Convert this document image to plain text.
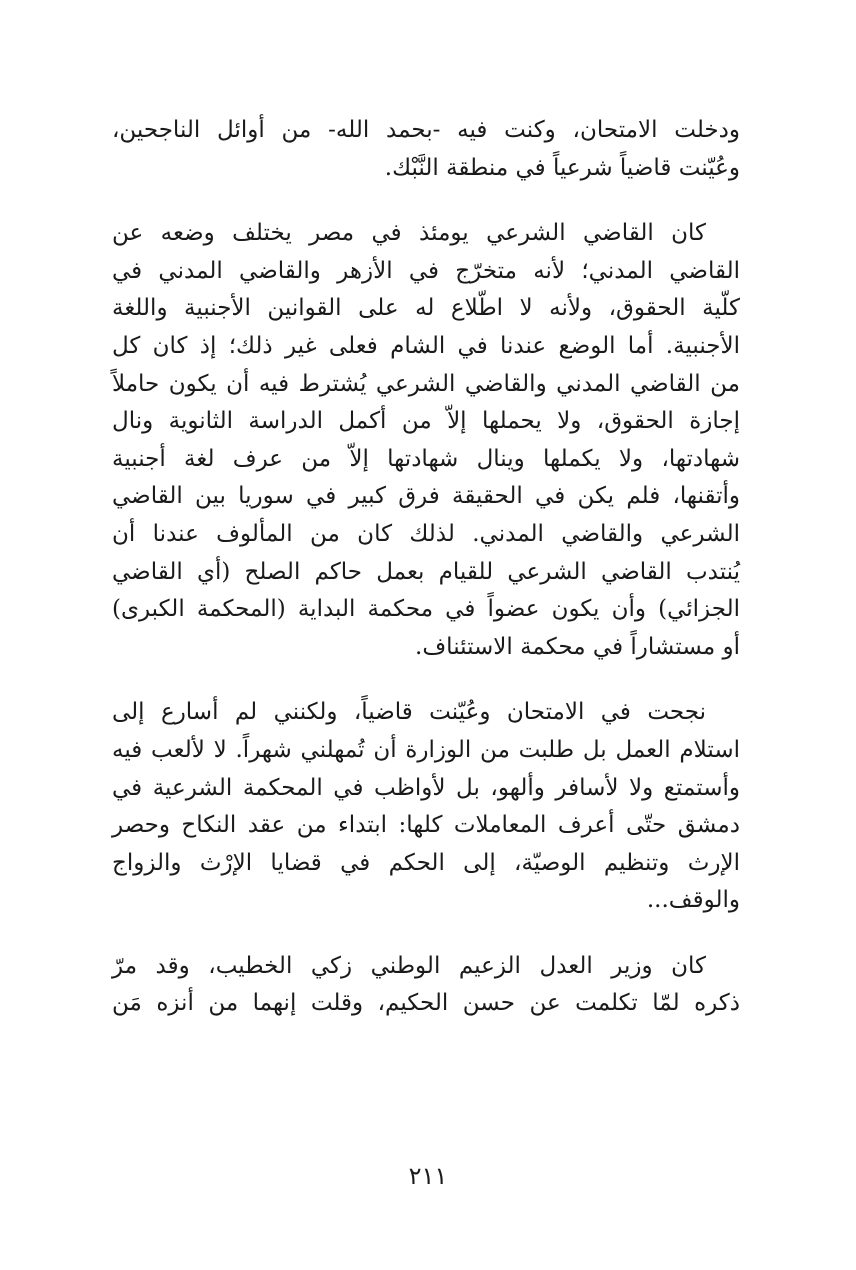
ودخلت الامتحان، وكنت فيه -بحمد الله- من أوائل الناجحين،
وعُيّنت قاضياً شرعياً في منطقة النَّبْك.
كان القاضي الشرعي يومئذ في مصر يختلف وضعه عن
القاضي المدني؛ لأنه متخرّج في الأزهر والقاضي المدني في
كلّية الحقوق، ولأنه لا اطّلاع له على القوانين الأجنبية واللغة
الأجنبية. أما الوضع عندنا في الشام فعلى غير ذلك؛ إذ كان كل
من القاضي المدني والقاضي الشرعي يُشترط فيه أن يكون حاملاً
إجازة الحقوق، ولا يحملها إلاّ من أكمل الدراسة الثانوية ونال
شهادتها، ولا يكملها وينال شهادتها إلاّ من عرف لغة أجنبية
وأتقنها، فلم يكن في الحقيقة فرق كبير في سوريا بين القاضي
الشرعي والقاضي المدني. لذلك كان من المألوف عندنا أن
يُنتدب القاضي الشرعي للقيام بعمل حاكم الصلح (أي القاضي
الجزائي) وأن يكون عضواً في محكمة البداية (المحكمة الكبرى)
أو مستشاراً في محكمة الاستئناف.
نجحت في الامتحان وعُيّنت قاضياً، ولكنني لم أسارع إلى
استلام العمل بل طلبت من الوزارة أن تُمهلني شهراً. لا لألعب فيه
وأستمتع ولا لأسافر وألهو، بل لأواظب في المحكمة الشرعية في
دمشق حتّى أعرف المعاملات كلها: ابتداء من عقد النكاح وحصر
الإرث وتنظيم الوصيّة، إلى الحكم في قضايا الإرْث والزواج
والوقف...
كان وزير العدل الزعيم الوطني زكي الخطيب، وقد مرّ
ذكره لمّا تكلمت عن حسن الحكيم، وقلت إنهما من أنزه مَن
٢١١
